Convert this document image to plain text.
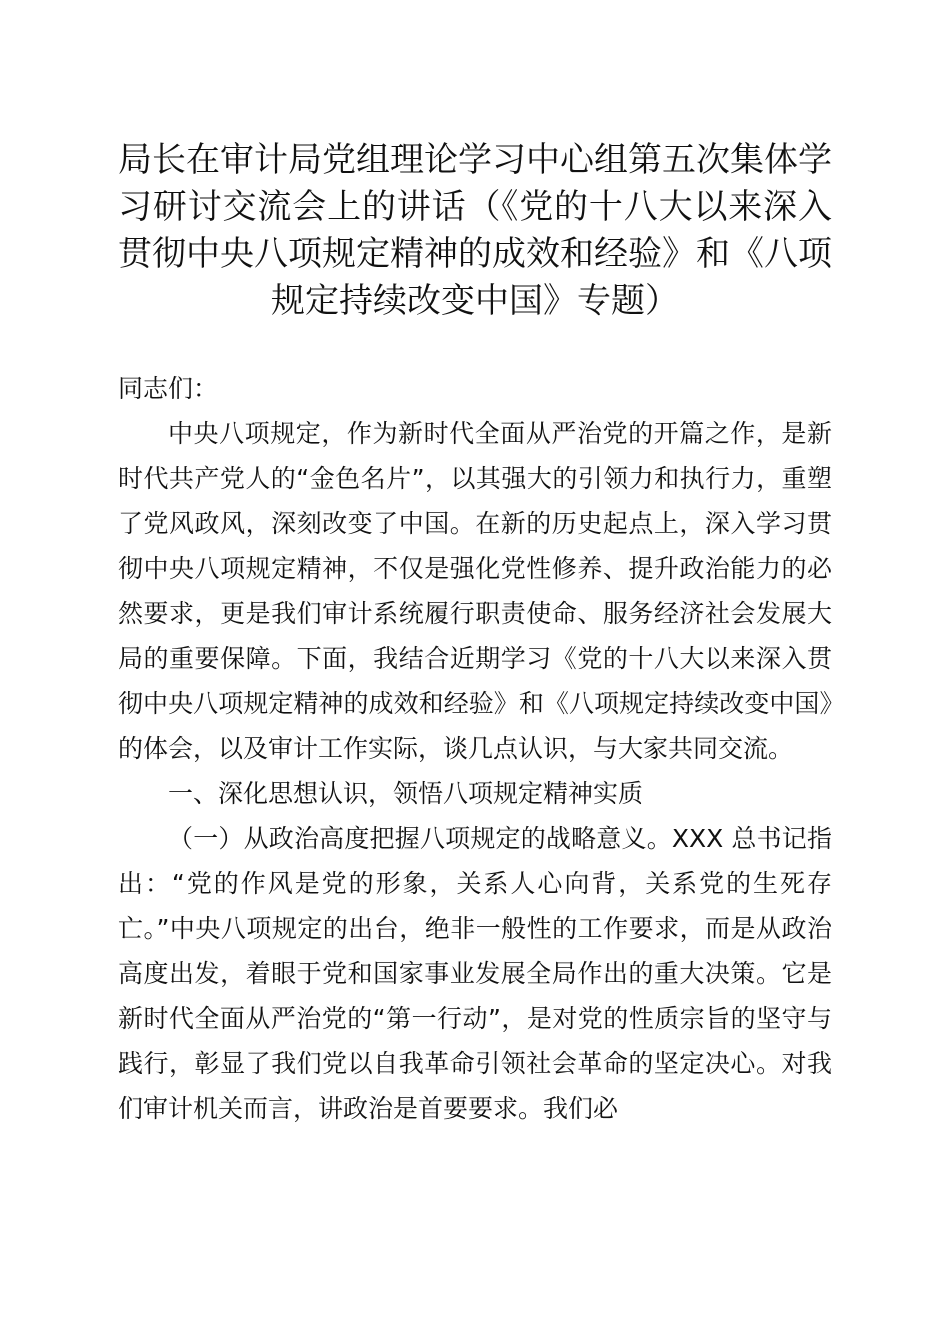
局长在审计局党组理论学习中心组第五次集体学习研讨交流会上的讲话（《党的十八大以来深入贯彻中央八项规定精神的成效和经验》和《八项规定持续改变中国》专题）

同志们：

中央八项规定，作为新时代全面从严治党的开篇之作，是新时代共产党人的“金色名片”，以其强大的引领力和执行力，重塑了党风政风，深刻改变了中国。在新的历史起点上，深入学习贯彻中央八项规定精神，不仅是强化党性修养、提升政治能力的必然要求，更是我们审计系统履行职责使命、服务经济社会发展大局的重要保障。下面，我结合近期学习《党的十八大以来深入贯彻中央八项规定精神的成效和经验》和《八项规定持续改变中国》的体会，以及审计工作实际，谈几点认识，与大家共同交流。

一、深化思想认识，领悟八项规定精神实质

（一）从政治高度把握八项规定的战略意义。XXX 总书记指出：“党的作风是党的形象，关系人心向背，关系党的生死存亡。”中央八项规定的出台，绝非一般性的工作要求，而是从政治高度出发，着眼于党和国家事业发展全局作出的重大决策。它是新时代全面从严治党的“第一行动”，是对党的性质宗旨的坚守与践行，彰显了我们党以自我革命引领社会革命的坚定决心。对我们审计机关而言，讲政治是首要要求。我们必
